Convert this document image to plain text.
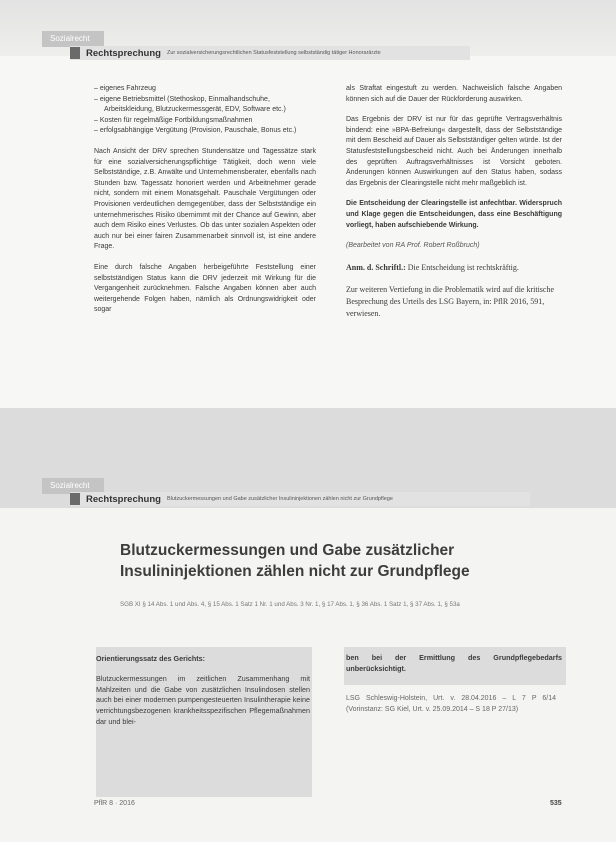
Sozialrecht
Rechtsprechung Zur sozialversicherungsrechtlichen Statusfeststellung selbstständig tätiger Honorarärzte
– eigenes Fahrzeug
– eigene Betriebsmittel (Stethoskop, Einmalhandschuhe, Arbeitskleidung, Blutzuckermessgerät, EDV, Software etc.)
– Kosten für regelmäßige Fortbildungsmaßnahmen
– erfolgsabhängige Vergütung (Provision, Pauschale, Bonus etc.)

Nach Ansicht der DRV sprechen Stundensätze und Tagessätze stark für eine sozialversicherungspflichtige Tätigkeit, doch wenn viele Selbstständige, z.B. Anwälte und Unternehmensberater, ebenfalls nach Stunden bzw. Tagessatz honoriert werden und Arbeitnehmer gerade nicht, sondern mit einem Monatsgehalt. Pauschale Vergütungen oder Provisionen verdeutlichen demgegenüber, dass der Selbstständige ein unternehmerisches Risiko übernimmt mit der Chance auf Gewinn, aber auch dem Risiko eines Verlustes. Ob das unter sozialen Aspekten oder auch nur bei einer fairen Zusammenarbeit sinnvoll ist, ist eine andere Frage.

Eine durch falsche Angaben herbeigeführte Feststellung einer selbstständigen Status kann die DRV jederzeit mit Wirkung für die Vergangenheit zurücknehmen. Falsche Angaben können aber auch weitergehende Folgen haben, nämlich als Ordnungswidrigkeit oder sogar

als Straftat eingestuft zu werden. Nachweislich falsche Angaben können sich auf die Dauer der Rückforderung auswirken.

Das Ergebnis der DRV ist nur für das geprüfte Vertragsverhältnis bindend: eine »BPA-Befreiung« dargestellt, dass der Selbstständige mit dem Bescheid auf Dauer als Selbstständiger gelten würde. Ist der Statusfeststellungsbescheid nicht. Auch bei Änderungen innerhalb des geprüften Auftragsverhältnisses ist Vorsicht geboten. Änderungen können Auswirkungen auf den Status haben, sodass das Ergebnis der Clearingstelle nicht mehr maßgeblich ist.

Die Entscheidung der Clearingstelle ist anfechtbar. Widerspruch und Klage gegen die Entscheidungen, dass eine Beschäftigung vorliegt, haben aufschiebende Wirkung.

(Bearbeitet von RA Prof. Robert Roßbruch)

Anm. d. Schriftl.: Die Entscheidung ist rechtskräftig.

Zur weiteren Vertiefung in die Problematik wird auf die kritische Besprechung des Urteils des LSG Bayern, in: PflR 2016, 591, verwiesen.

Sozialrecht
Rechtsprechung Blutzuckermessungen und Gabe zusätzlicher Insulininjektionen zählen nicht zur Grundpflege
Blutzuckermessungen und Gabe zusätzlicher
Insulininjektionen zählen nicht zur Grundpflege
SGB XI § 14 Abs. 1 und Abs. 4, § 15 Abs. 1 Satz 1 Nr. 1 und Abs. 3 Nr. 1, § 17 Abs. 1, § 36 Abs. 1 Satz 1, § 37 Abs. 1, § 53a

Orientierungssatz des Gerichts:

Blutzuckermessungen im zeitlichen Zusammenhang mit Mahlzeiten und die Gabe von zusätzlichen Insulindosen stellen auch bei einer modernen pumpengesteuerten Insulintherapie keine verrichtungsbezogenen krankheitsspezifischen Pflegemaßnahmen dar und blei-

ben bei der Ermittlung des Grundpflegebedarfs unberücksichtigt.

LSG Schleswig-Holstein, Urt. v. 28.04.2016 – L 7 P 6/14 (Vorinstanz: SG Kiel, Urt. v. 25.09.2014 – S 18 P 27/13)

PflR 8 · 2016	535
